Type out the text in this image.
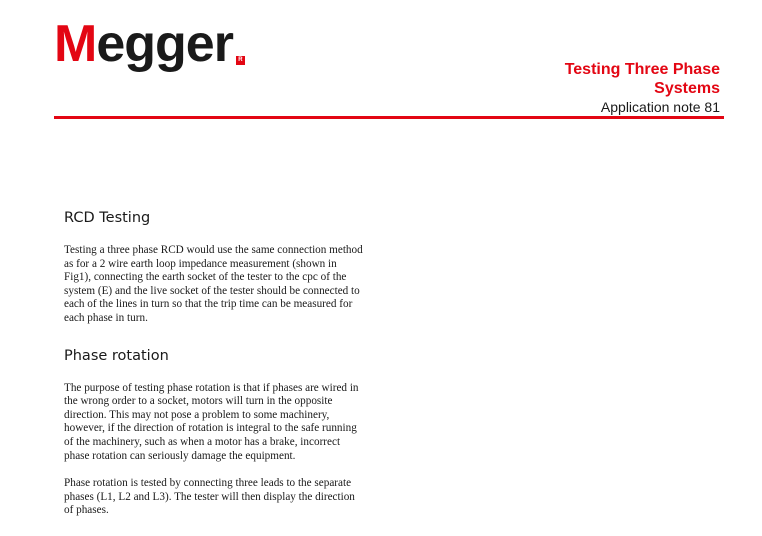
M egger R
Testing Three Phase
Systems
Application note 81
RCD Testing

Testing a three phase RCD would use the same connection method as for a 2 wire earth loop impedance measurement (shown in Fig1), connecting the earth socket of the tester to the cpc of the system (E) and the live socket of the tester should be connected to each of the lines in turn so that the trip time can be measured for each phase in turn.

Phase rotation

The purpose of testing phase rotation is that if phases are wired in the wrong order to a socket, motors will turn in the opposite direction. This may not pose a problem to some machinery, however, if the direction of rotation is integral to the safe running of the machinery, such as when a motor has a brake, incorrect phase rotation can seriously damage the equipment.

Phase rotation is tested by connecting three leads to the separate phases (L1, L2 and L3). The tester will then display the direction of phases.
